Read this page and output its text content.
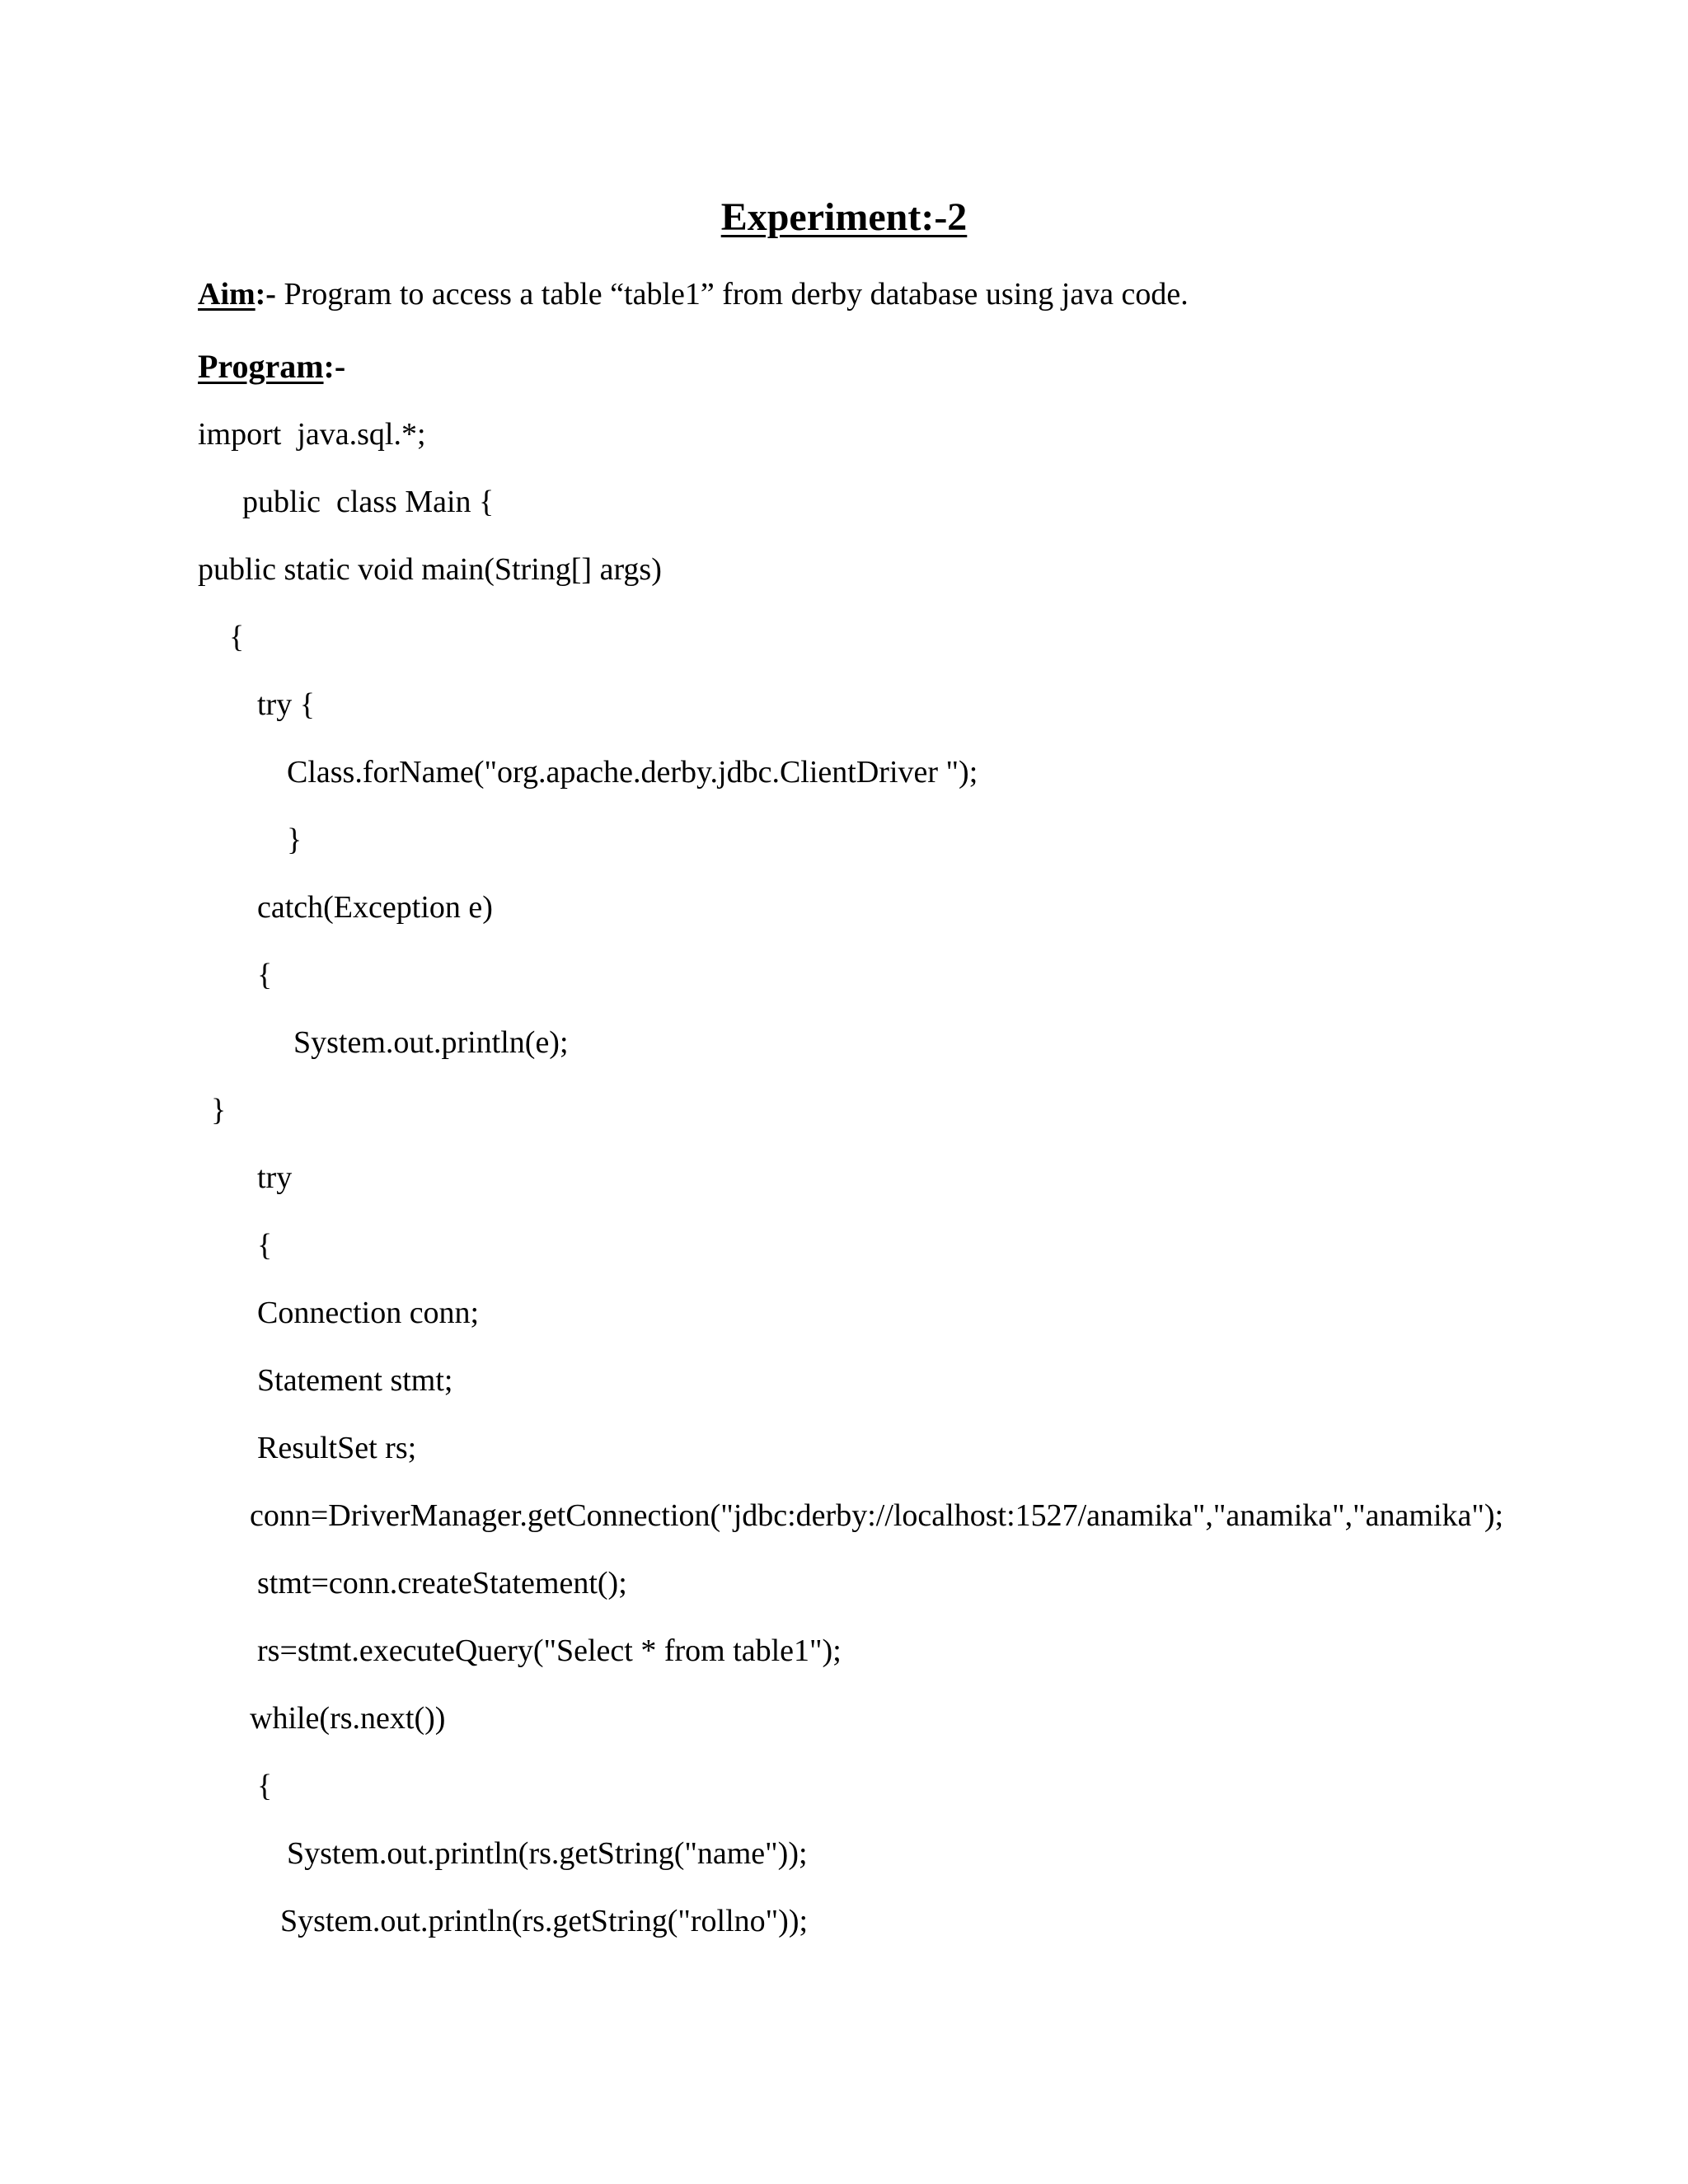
Experiment:-2
Aim:- Program to access a table “table1” from derby database using java code.
Program:-
import  java.sql.*;
public  class Main {
public static void main(String[] args)
{
try {
Class.forName("org.apache.derby.jdbc.ClientDriver ");
}
catch(Exception e)
{
System.out.println(e);
}
try
{
Connection conn;
Statement stmt;
ResultSet rs;
conn=DriverManager.getConnection("jdbc:derby://localhost:1527/anamika","anamika","anamika");
stmt=conn.createStatement();
rs=stmt.executeQuery("Select * from table1");
while(rs.next())
{
System.out.println(rs.getString("name"));
System.out.println(rs.getString("rollno"));
